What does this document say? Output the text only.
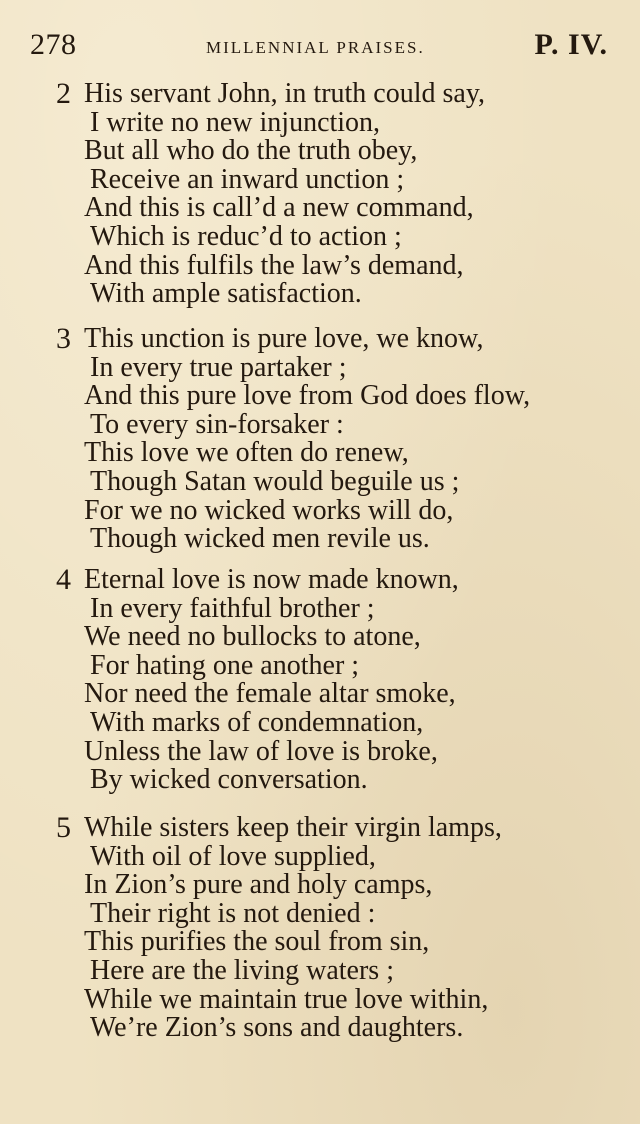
278	MILLENNIAL PRAISES.	P. IV.
2 His servant John, in truth could say,
I write no new injunction,
But all who do the truth obey,
Receive an inward unction ;
And this is call’d a new command,
Which is reduc’d to action ;
And this fulfils the law’s demand,
With ample satisfaction.
3 This unction is pure love, we know,
In every true partaker ;
And this pure love from God does flow,
To every sin-forsaker :
This love we often do renew,
Though Satan would beguile us ;
For we no wicked works will do,
Though wicked men revile us.
4 Eternal love is now made known,
In every faithful brother ;
We need no bullocks to atone,
For hating one another ;
Nor need the female altar smoke,
With marks of condemnation,
Unless the law of love is broke,
By wicked conversation.
5 While sisters keep their virgin lamps,
With oil of love supplied,
In Zion’s pure and holy camps,
Their right is not denied :
This purifies the soul from sin,
Here are the living waters ;
While we maintain true love within,
We’re Zion’s sons and daughters.
